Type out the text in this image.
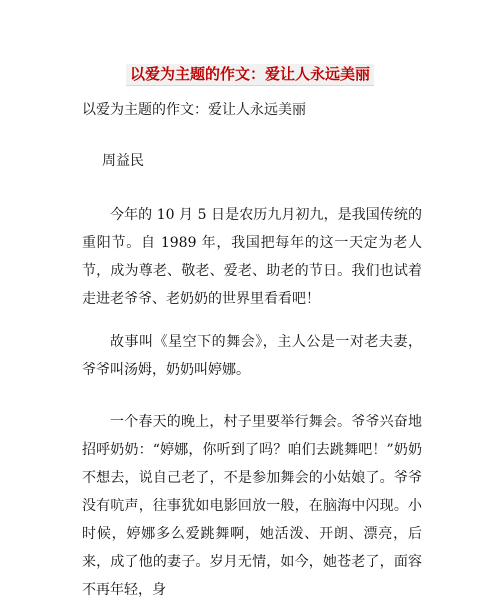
以爱为主题的作文：爱让人永远美丽
以爱为主题的作文：爱让人永远美丽
周益民

今年的 10 月 5 日是农历九月初九，是我国传统的重阳节。自 1989 年，我国把每年的这一天定为老人节，成为尊老、敬老、爱老、助老的节日。我们也试着走进老爷爷、老奶奶的世界里看看吧！

故事叫《星空下的舞会》，主人公是一对老夫妻，爷爷叫汤姆，奶奶叫婷娜。

一个春天的晚上，村子里要举行舞会。爷爷兴奋地招呼奶奶：“婷娜，你听到了吗？咱们去跳舞吧！”奶奶不想去，说自己老了，不是参加舞会的小姑娘了。爷爷没有吭声，往事犹如电影回放一般，在脑海中闪现。小时候，婷娜多么爱跳舞啊，她活泼、开朗、漂亮，后来，成了他的妻子。岁月无情，如今，她苍老了，面容不再年轻，身
